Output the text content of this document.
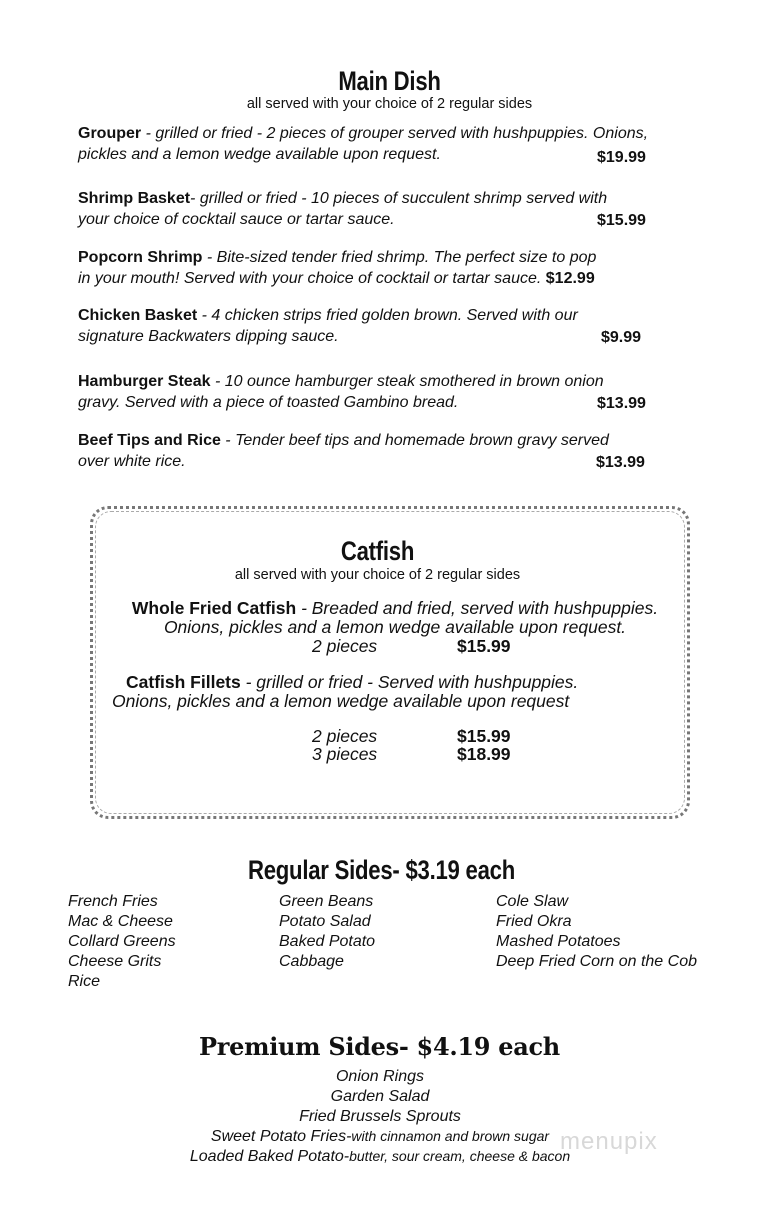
Main Dish
all served with your choice of 2 regular sides
Grouper - grilled or fried - 2 pieces of grouper served with hushpuppies. Onions,
pickles and a lemon wedge available upon request.	$19.99
Shrimp Basket- grilled or fried - 10 pieces of succulent shrimp served with
your choice of cocktail sauce or tartar sauce.	$15.99
Popcorn Shrimp - Bite-sized tender fried shrimp. The perfect size to pop
in your mouth! Served with your choice of cocktail or tartar sauce. $12.99
Chicken Basket - 4 chicken strips fried golden brown. Served with our
signature Backwaters dipping sauce.	$9.99
Hamburger Steak - 10 ounce hamburger steak smothered in brown onion
gravy. Served with a piece of toasted Gambino bread.	$13.99
Beef Tips and Rice - Tender beef tips and homemade brown gravy served
over white rice.	$13.99
Catfish
all served with your choice of 2 regular sides
Whole Fried Catfish - Breaded and fried, served with hushpuppies.
Onions, pickles and a lemon wedge available upon request.
2 pieces	$15.99
Catfish Fillets - grilled or fried - Served with hushpuppies.
Onions, pickles and a lemon wedge available upon request
2 pieces	$15.99
3 pieces	$18.99
Regular Sides- $3.19 each
French Fries
Mac & Cheese
Collard Greens
Cheese Grits
Rice
Green Beans
Potato Salad
Baked Potato
Cabbage
Cole Slaw
Fried Okra
Mashed Potatoes
Deep Fried Corn on the Cob
Premium Sides- $4.19 each
Onion Rings
Garden Salad
Fried Brussels Sprouts
Sweet Potato Fries-with cinnamon and brown sugar
Loaded Baked Potato-butter, sour cream, cheese & bacon
menupix
